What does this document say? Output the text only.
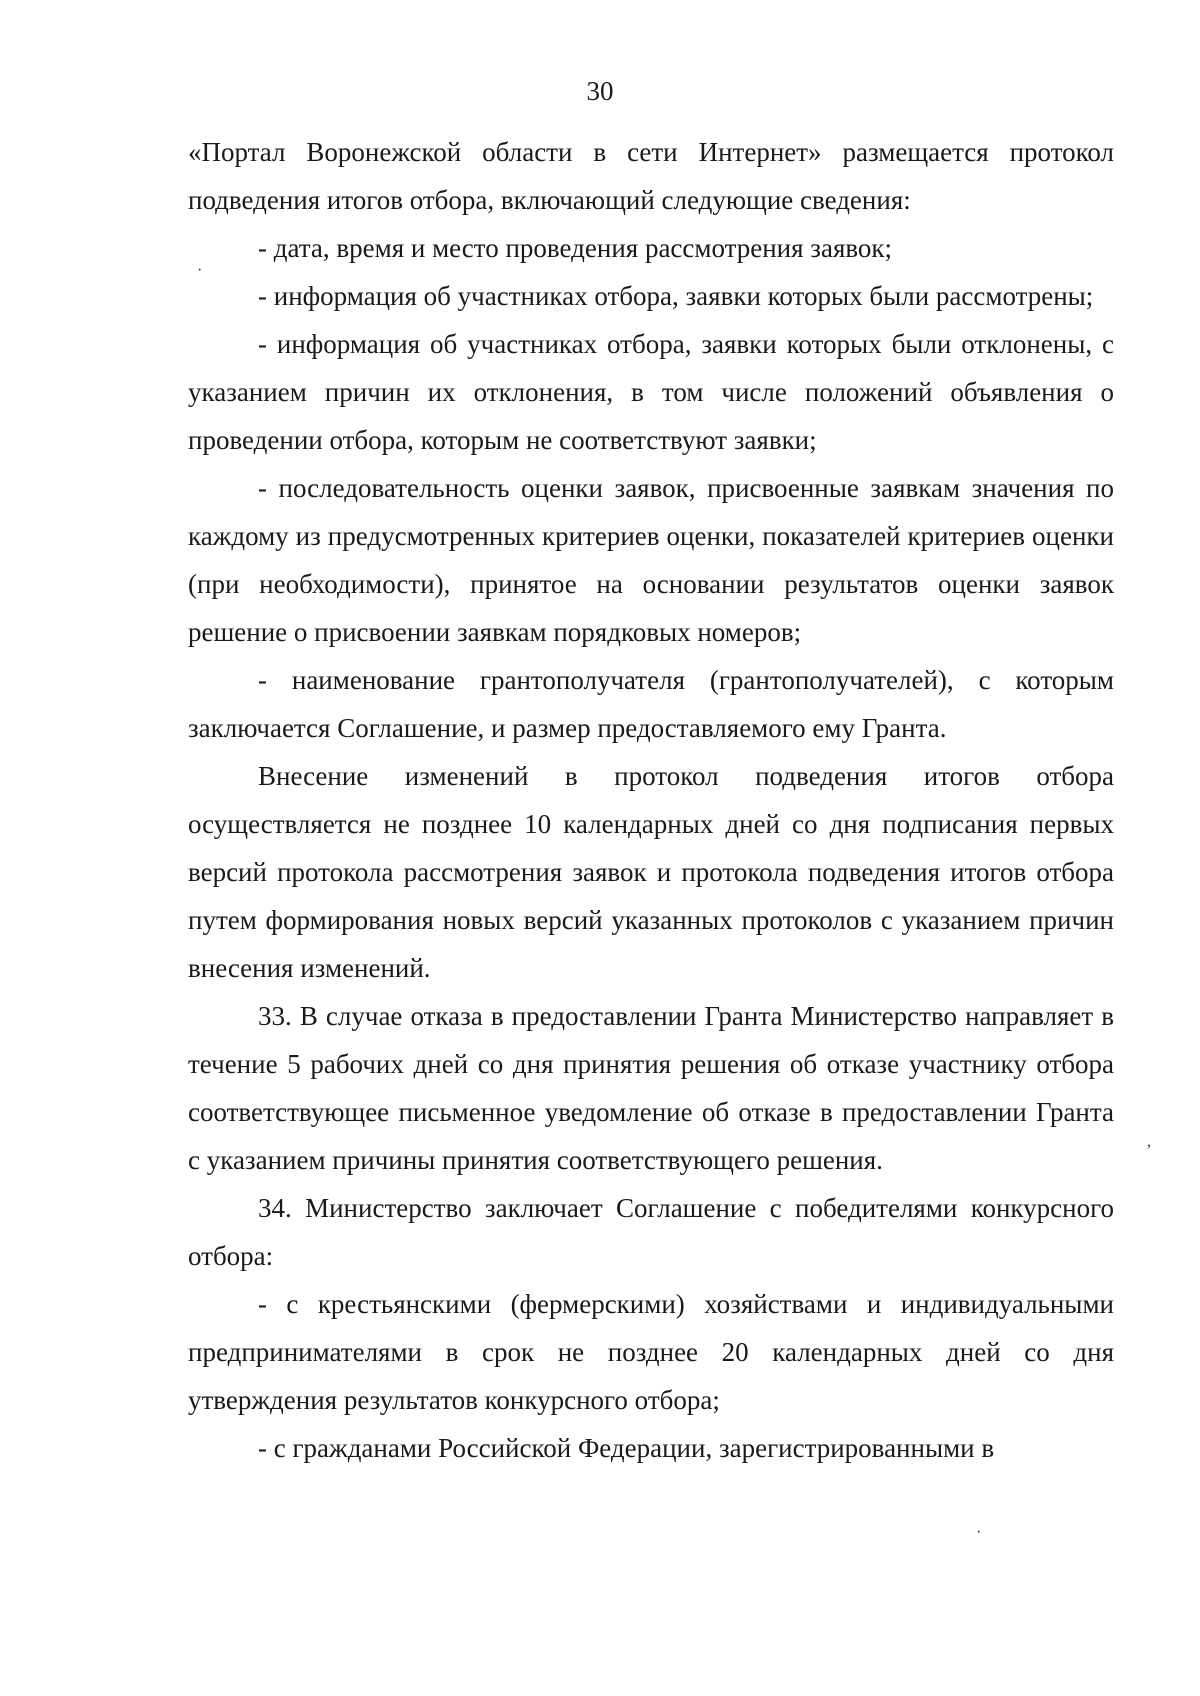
30

«Портал Воронежской области в сети Интернет» размещается протокол подведения итогов отбора, включающий следующие сведения:

- дата, время и место проведения рассмотрения заявок;

- информация об участниках отбора, заявки которых были рассмотрены;

- информация об участниках отбора, заявки которых были отклонены, с указанием причин их отклонения, в том числе положений объявления о проведении отбора, которым не соответствуют заявки;

- последовательность оценки заявок, присвоенные заявкам значения по каждому из предусмотренных критериев оценки, показателей критериев оценки (при необходимости), принятое на основании результатов оценки заявок решение о присвоении заявкам порядковых номеров;

- наименование грантополучателя (грантополучателей), с которым заключается Соглашение, и размер предоставляемого ему Гранта.

Внесение изменений в протокол подведения итогов отбора осуществляется не позднее 10 календарных дней со дня подписания первых версий протокола рассмотрения заявок и протокола подведения итогов отбора путем формирования новых версий указанных протоколов с указанием причин внесения изменений.

33. В случае отказа в предоставлении Гранта Министерство направляет в течение 5 рабочих дней со дня принятия решения об отказе участнику отбора соответствующее письменное уведомление об отказе в предоставлении Гранта с указанием причины принятия соответствующего решения.

34. Министерство заключает Соглашение с победителями конкурсного отбора:

- с крестьянскими (фермерскими) хозяйствами и индивидуальными предпринимателями в срок не позднее 20 календарных дней со дня утверждения результатов конкурсного отбора;

- с гражданами Российской Федерации, зарегистрированными в

·
,
·
